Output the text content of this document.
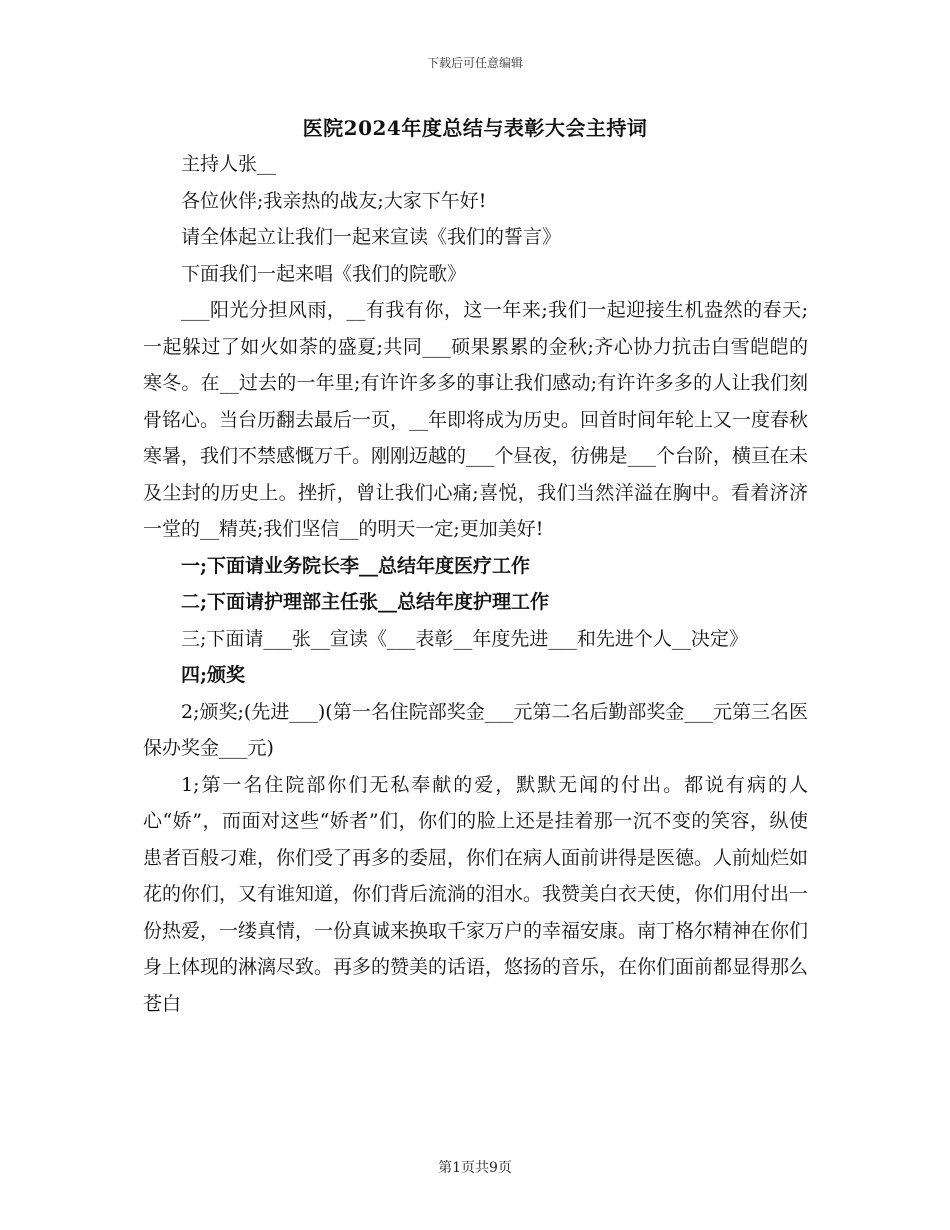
下载后可任意编辑
医院2024年度总结与表彰大会主持词

主持人张__

各位伙伴;我亲热的战友;大家下午好!

请全体起立让我们一起来宣读《我们的誓言》

下面我们一起来唱《我们的院歌》

___阳光分担风雨，__有我有你，这一年来;我们一起迎接生机盎然的春天;一起躲过了如火如荼的盛夏;共同___硕果累累的金秋;齐心协力抗击白雪皑皑的寒冬。在__过去的一年里;有许许多多的事让我们感动;有许许多多的人让我们刻骨铭心。当台历翻去最后一页，__年即将成为历史。回首时间年轮上又一度春秋寒暑，我们不禁感慨万千。刚刚迈越的___个昼夜，彷佛是___个台阶，横亘在未及尘封的历史上。挫折，曾让我们心痛;喜悦，我们当然洋溢在胸中。看着济济一堂的__精英;我们坚信__的明天一定;更加美好!

一;下面请业务院长李__总结年度医疗工作

二;下面请护理部主任张__总结年度护理工作

三;下面请___张__宣读《___表彰__年度先进___和先进个人__决定》

四;颁奖

2;颁奖;(先进___)(第一名住院部奖金___元第二名后勤部奖金___元第三名医保办奖金___元)

1;第一名住院部你们无私奉献的爱，默默无闻的付出。都说有病的人心“娇”，而面对这些“娇者”们，你们的脸上还是挂着那一沉不变的笑容，纵使患者百般刁难，你们受了再多的委屈，你们在病人面前讲得是医德。人前灿烂如花的你们，又有谁知道，你们背后流淌的泪水。我赞美白衣天使，你们用付出一份热爱，一缕真情，一份真诚来换取千家万户的幸福安康。南丁格尔精神在你们身上体现的淋漓尽致。再多的赞美的话语，悠扬的音乐，在你们面前都显得那么苍白

第1页共9页
